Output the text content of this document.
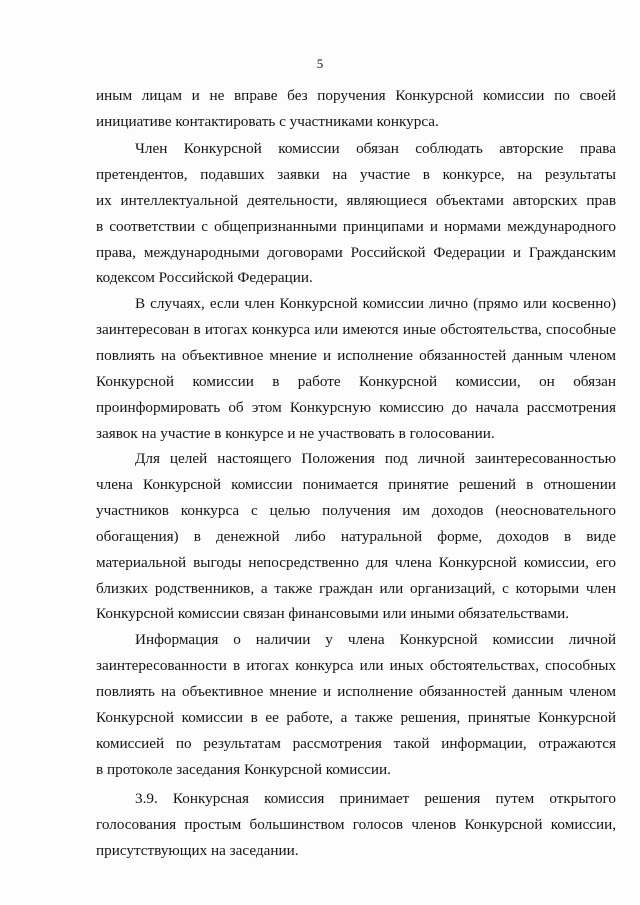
5
иным лицам и не вправе без поручения Конкурсной комиссии по своей
инициативе контактировать с участниками конкурса.
Член Конкурсной комиссии обязан соблюдать авторские права
претендентов, подавших заявки на участие в конкурсе, на результаты
их интеллектуальной деятельности, являющиеся объектами авторских прав
в соответствии с общепризнанными принципами и нормами международного
права, международными договорами Российской Федерации и Гражданским
кодексом Российской Федерации.
В случаях, если член Конкурсной комиссии лично (прямо или косвенно)
заинтересован в итогах конкурса или имеются иные обстоятельства, способные
повлиять на объективное мнение и исполнение обязанностей данным членом
Конкурсной комиссии в работе Конкурсной комиссии, он обязан
проинформировать об этом Конкурсную комиссию до начала рассмотрения
заявок на участие в конкурсе и не участвовать в голосовании.
Для целей настоящего Положения под личной заинтересованностью
члена Конкурсной комиссии понимается принятие решений в отношении
участников конкурса с целью получения им доходов (неосновательного
обогащения) в денежной либо натуральной форме, доходов в виде
материальной выгоды непосредственно для члена Конкурсной комиссии, его
близких родственников, а также граждан или организаций, с которыми член
Конкурсной комиссии связан финансовыми или иными обязательствами.
Информация о наличии у члена Конкурсной комиссии личной
заинтересованности в итогах конкурса или иных обстоятельствах, способных
повлиять на объективное мнение и исполнение обязанностей данным членом
Конкурсной комиссии в ее работе, а также решения, принятые Конкурсной
комиссией по результатам рассмотрения такой информации, отражаются
в протоколе заседания Конкурсной комиссии.
3.9. Конкурсная комиссия принимает решения путем открытого
голосования простым большинством голосов членов Конкурсной комиссии,
присутствующих на заседании.
